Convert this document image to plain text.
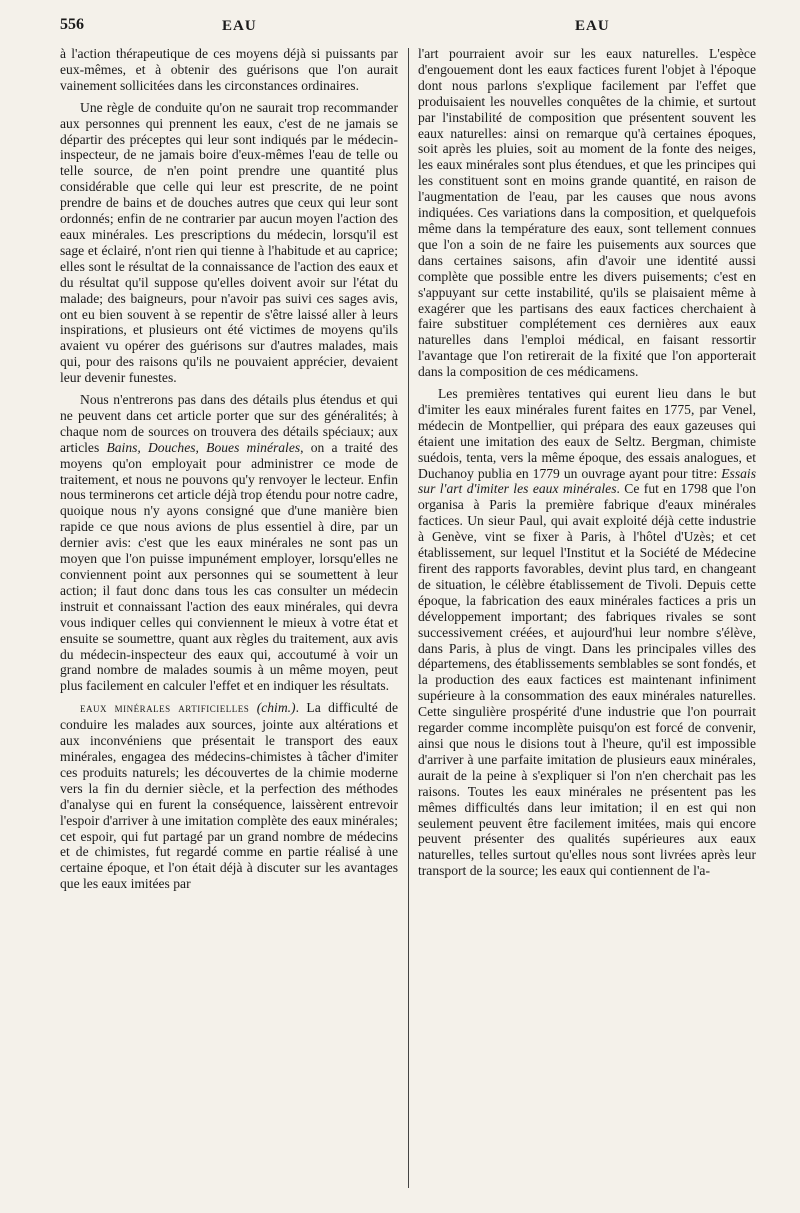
556	EAU	EAU

à l'action thérapeutique de ces moyens déjà si puissants par eux-mêmes, et à obtenir des guérisons que l'on aurait vainement sollicitées dans les circonstances ordinaires.

Une règle de conduite qu'on ne saurait trop recommander aux personnes qui prennent les eaux, c'est de ne jamais se départir des préceptes qui leur sont indiqués par le médecin-inspecteur, de ne jamais boire d'eux-mêmes l'eau de telle ou telle source, de n'en point prendre une quantité plus considérable que celle qui leur est prescrite, de ne point prendre de bains et de douches autres que ceux qui leur sont ordonnés; enfin de ne contrarier par aucun moyen l'action des eaux minérales. Les prescriptions du médecin, lorsqu'il est sage et éclairé, n'ont rien qui tienne à l'habitude et au caprice; elles sont le résultat de la connaissance de l'action des eaux et du résultat qu'il suppose qu'elles doivent avoir sur l'état du malade; des baigneurs, pour n'avoir pas suivi ces sages avis, ont eu bien souvent à se repentir de s'être laissé aller à leurs inspirations, et plusieurs ont été victimes de moyens qu'ils avaient vu opérer des guérisons sur d'autres malades, mais qui, pour des raisons qu'ils ne pouvaient apprécier, devaient leur devenir funestes.

Nous n'entrerons pas dans des détails plus étendus et qui ne peuvent dans cet article porter que sur des généralités; à chaque nom de sources on trouvera des détails spéciaux; aux articles Bains, Douches, Boues minérales, on a traité des moyens qu'on employait pour administrer ce mode de traitement, et nous ne pouvons qu'y renvoyer le lecteur. Enfin nous terminerons cet article déjà trop étendu pour notre cadre, quoique nous n'y ayons consigné que d'une manière bien rapide ce que nous avions de plus essentiel à dire, par un dernier avis: c'est que les eaux minérales ne sont pas un moyen que l'on puisse impunément employer, lorsqu'elles ne conviennent point aux personnes qui se soumettent à leur action; il faut donc dans tous les cas consulter un médecin instruit et connaissant l'action des eaux minérales, qui devra vous indiquer celles qui conviennent le mieux à votre état et ensuite se soumettre, quant aux règles du traitement, aux avis du médecin-inspecteur des eaux qui, accoutumé à voir un grand nombre de malades soumis à un même moyen, peut plus facilement en calculer l'effet et en indiquer les résultats.

eaux minérales artificielles (chim.). La difficulté de conduire les malades aux sources, jointe aux altérations et aux inconvéniens que présentait le transport des eaux minérales, engagea des médecins-chimistes à tâcher d'imiter ces produits naturels; les découvertes de la chimie moderne vers la fin du dernier siècle, et la perfection des méthodes d'analyse qui en furent la conséquence, laissèrent entrevoir l'espoir d'arriver à une imitation complète des eaux minérales; cet espoir, qui fut partagé par un grand nombre de médecins et de chimistes, fut regardé comme en partie réalisé à une certaine époque, et l'on était déjà à discuter sur les avantages que les eaux imitées par

l'art pourraient avoir sur les eaux naturelles. L'espèce d'engouement dont les eaux factices furent l'objet à l'époque dont nous parlons s'explique facilement par l'effet que produisaient les nouvelles conquêtes de la chimie, et surtout par l'instabilité de composition que présentent souvent les eaux naturelles: ainsi on remarque qu'à certaines époques, soit après les pluies, soit au moment de la fonte des neiges, les eaux minérales sont plus étendues, et que les principes qui les constituent sont en moins grande quantité, en raison de l'augmentation de l'eau, par les causes que nous avons indiquées. Ces variations dans la composition, et quelquefois même dans la température des eaux, sont tellement connues que l'on a soin de ne faire les puisements aux sources que dans certaines saisons, afin d'avoir une identité aussi complète que possible entre les divers puisements; c'est en s'appuyant sur cette instabilité, qu'ils se plaisaient même à exagérer que les partisans des eaux factices cherchaient à faire substituer complétement ces dernières aux eaux naturelles dans l'emploi médical, en faisant ressortir l'avantage que l'on retirerait de la fixité que l'on apporterait dans la composition de ces médicamens.

Les premières tentatives qui eurent lieu dans le but d'imiter les eaux minérales furent faites en 1775, par Venel, médecin de Montpellier, qui prépara des eaux gazeuses qui étaient une imitation des eaux de Seltz. Bergman, chimiste suédois, tenta, vers la même époque, des essais analogues, et Duchanoy publia en 1779 un ouvrage ayant pour titre: Essais sur l'art d'imiter les eaux minérales. Ce fut en 1798 que l'on organisa à Paris la première fabrique d'eaux minérales factices. Un sieur Paul, qui avait exploité déjà cette industrie à Genève, vint se fixer à Paris, à l'hôtel d'Uzès; et cet établissement, sur lequel l'Institut et la Société de Médecine firent des rapports favorables, devint plus tard, en changeant de situation, le célèbre établissement de Tivoli. Depuis cette époque, la fabrication des eaux minérales factices a pris un développement important; des fabriques rivales se sont successivement créées, et aujourd'hui leur nombre s'élève, dans Paris, à plus de vingt. Dans les principales villes des départemens, des établissements semblables se sont fondés, et la production des eaux factices est maintenant infiniment supérieure à la consommation des eaux minérales naturelles. Cette singulière prospérité d'une industrie que l'on pourrait regarder comme incomplète puisqu'on est forcé de convenir, ainsi que nous le disions tout à l'heure, qu'il est impossible d'arriver à une parfaite imitation de plusieurs eaux minérales, aurait de la peine à s'expliquer si l'on n'en cherchait pas les raisons. Toutes les eaux minérales ne présentent pas les mêmes difficultés dans leur imitation; il en est qui non seulement peuvent être facilement imitées, mais qui encore peuvent présenter des qualités supérieures aux eaux naturelles, telles surtout qu'elles nous sont livrées après leur transport de la source; les eaux qui contiennent de l'a-
